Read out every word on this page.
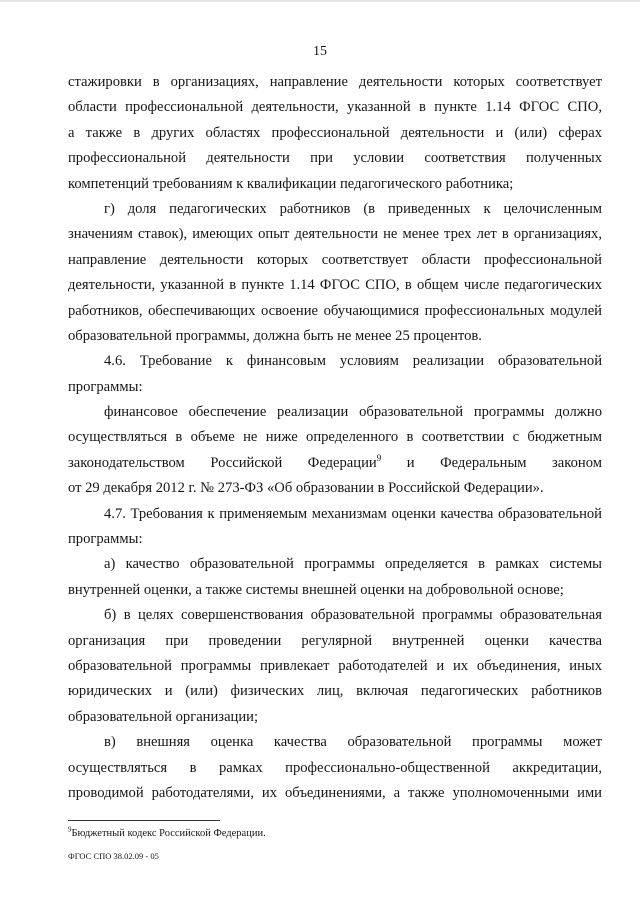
15
стажировки в организациях, направление деятельности которых соответствует
области профессиональной деятельности, указанной в пункте 1.14 ФГОС СПО,
а также в других областях профессиональной деятельности и (или) сферах
профессиональной деятельности при условии соответствия полученных
компетенций требованиям к квалификации педагогического работника;
г) доля педагогических работников (в приведенных к целочисленным
значениям ставок), имеющих опыт деятельности не менее трех лет в организациях,
направление деятельности которых соответствует области профессиональной
деятельности, указанной в пункте 1.14 ФГОС СПО, в общем числе педагогических
работников, обеспечивающих освоение обучающимися профессиональных модулей
образовательной программы, должна быть не менее 25 процентов.
4.6. Требование к финансовым условиям реализации образовательной
программы:
финансовое обеспечение реализации образовательной программы должно
осуществляться в объеме не ниже определенного в соответствии с бюджетным
законодательством Российской Федерации$^9$ и Федеральным законом
от 29 декабря 2012 г. № 273-ФЗ «Об образовании в Российской Федерации».
4.7. Требования к применяемым механизмам оценки качества образовательной
программы:
а) качество образовательной программы определяется в рамках системы
внутренней оценки, а также системы внешней оценки на добровольной основе;
б) в целях совершенствования образовательной программы образовательная
организация при проведении регулярной внутренней оценки качества
образовательной программы привлекает работодателей и их объединения, иных
юридических и (или) физических лиц, включая педагогических работников
образовательной организации;
в) внешняя оценка качества образовательной программы может
осуществляться в рамках профессионально-общественной аккредитации,
проводимой работодателями, их объединениями, а также уполномоченными ими
$^9$Бюджетный кодекс Российской Федерации.
ФГОС СПО 38.02.09 - 05
